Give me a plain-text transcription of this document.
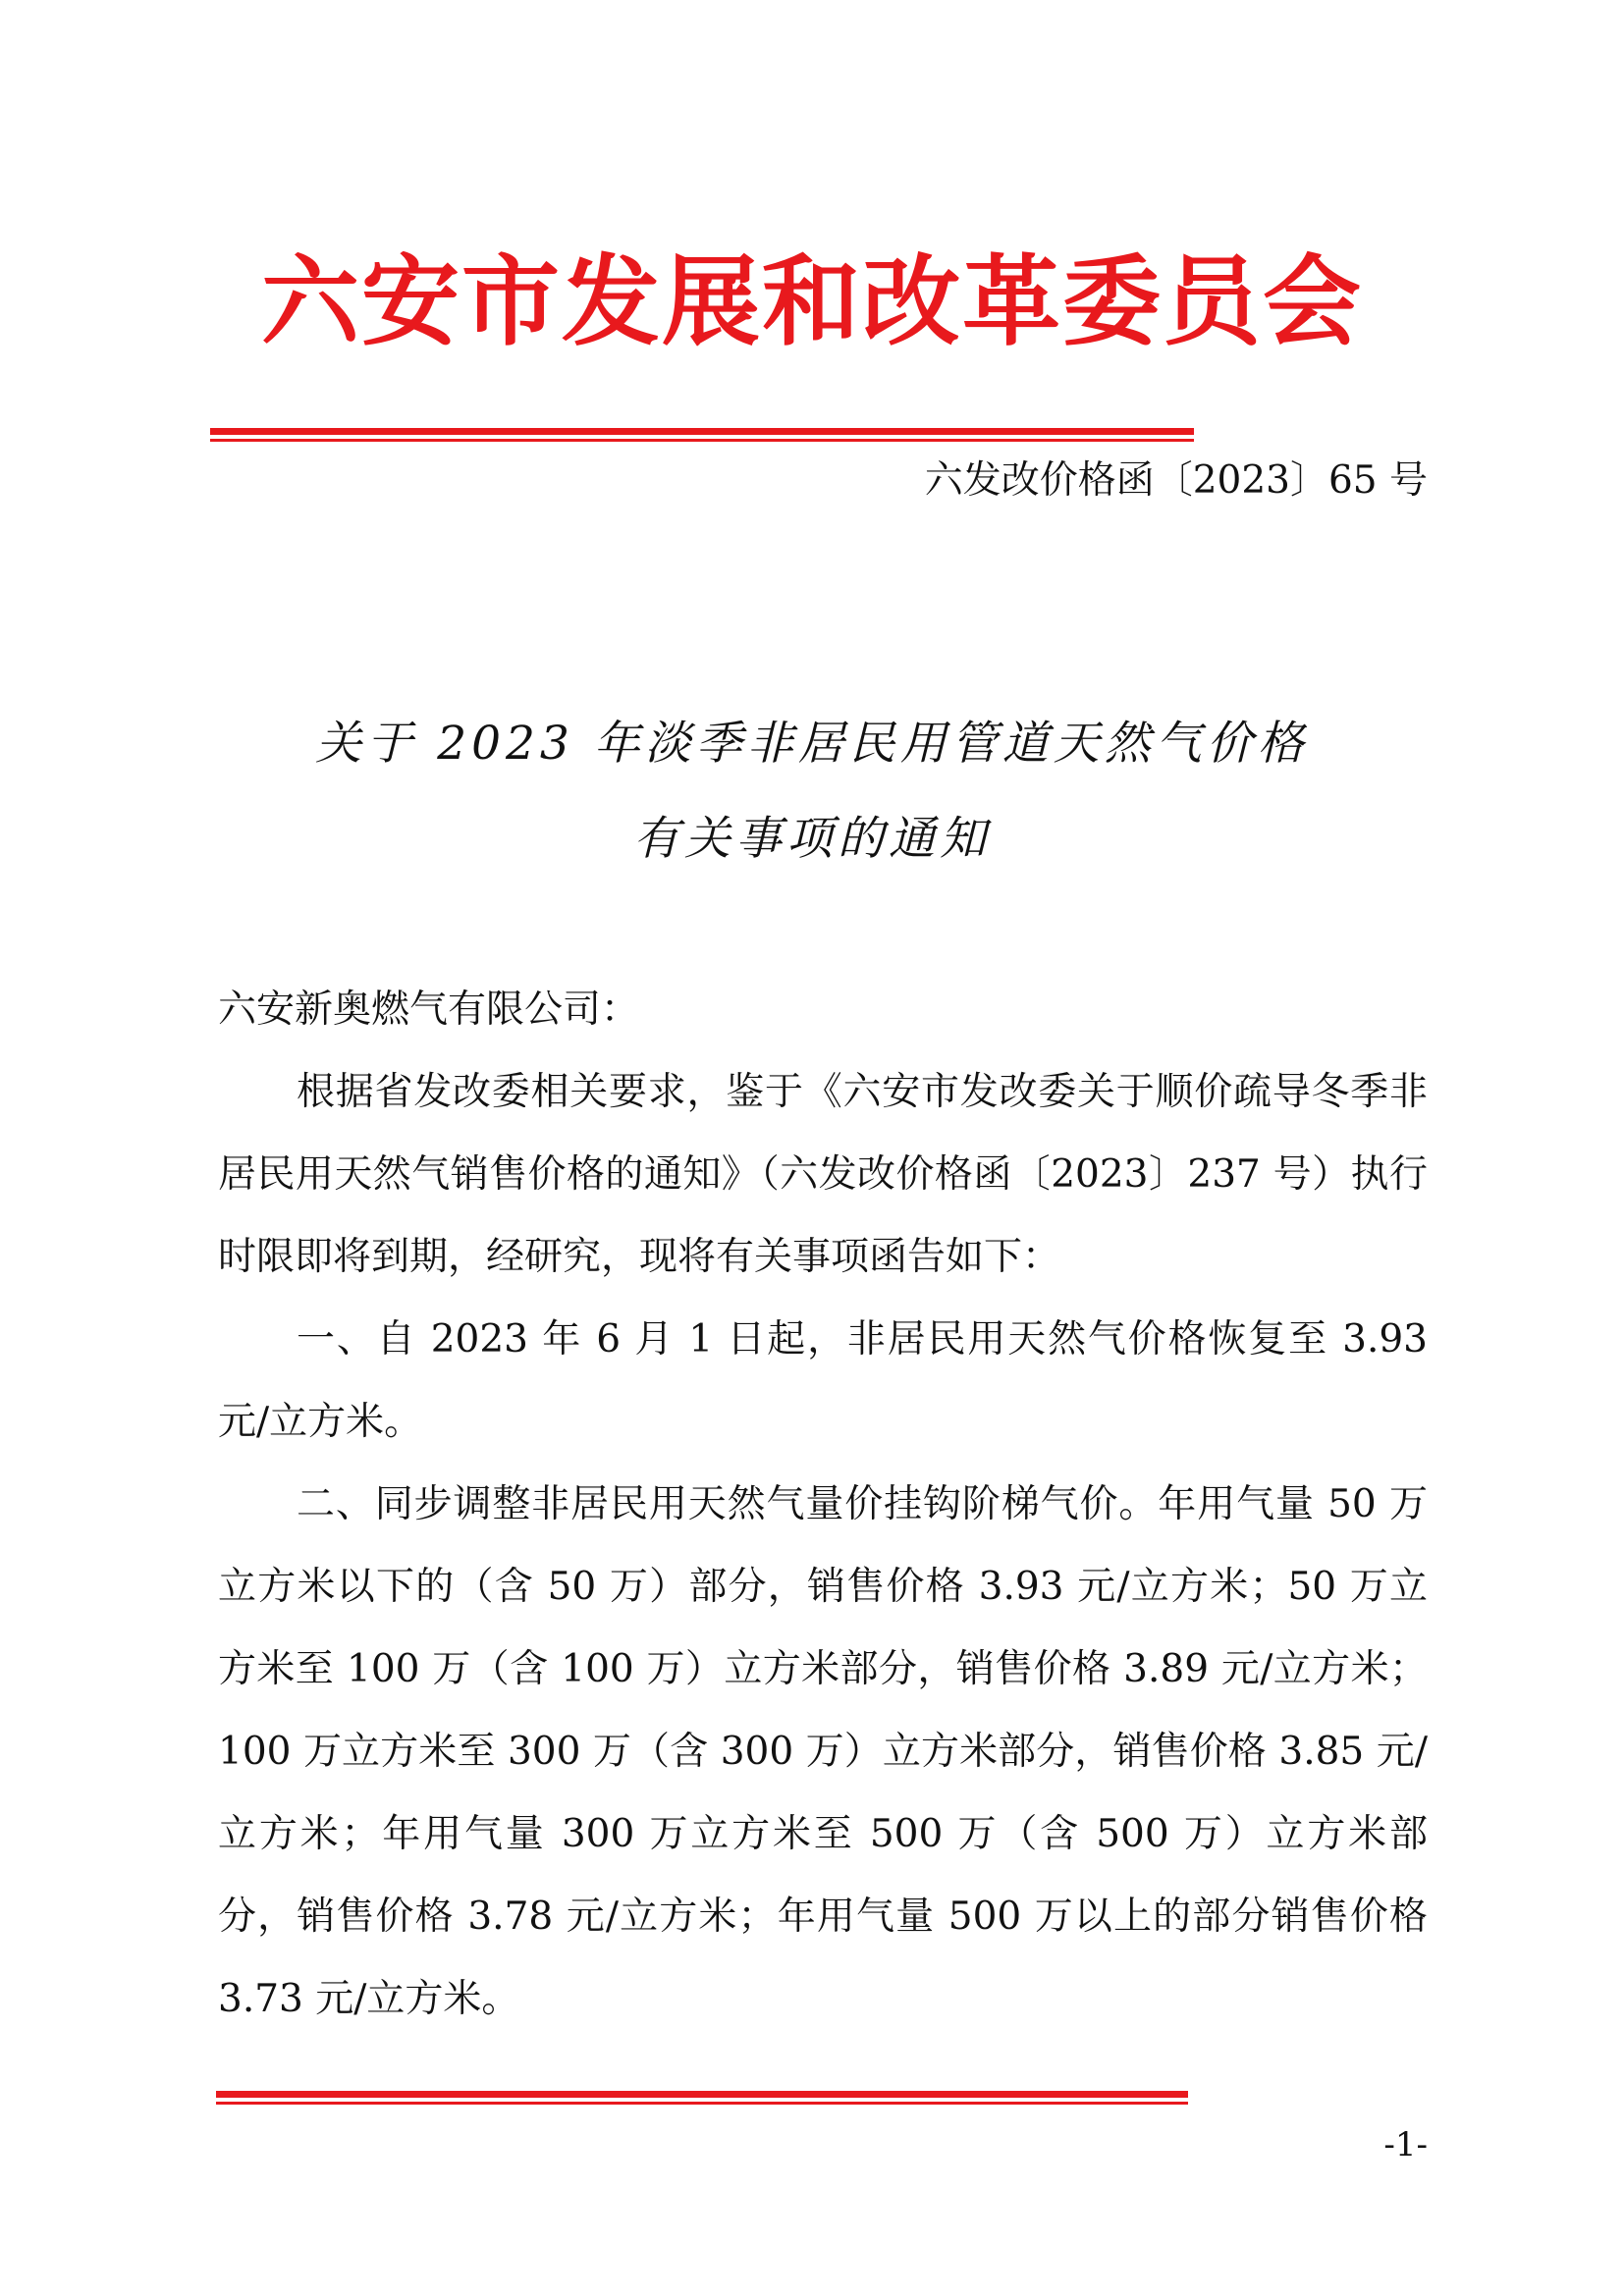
六安市发展和改革委员会
六发改价格函〔2023〕65 号
关于 2023 年淡季非居民用管道天然气价格
有关事项的通知

六安新奥燃气有限公司：

根据省发改委相关要求，鉴于《六安市发改委关于顺价疏导冬季非居民用天然气销售价格的通知》（六发改价格函〔2023〕237 号）执行时限即将到期，经研究，现将有关事项函告如下：

一、自 2023 年 6 月 1 日起，非居民用天然气价格恢复至 3.93 元/立方米。

二、同步调整非居民用天然气量价挂钩阶梯气价。年用气量 50 万立方米以下的（含 50 万）部分，销售价格 3.93 元/立方米；50 万立方米至 100 万（含 100 万）立方米部分，销售价格 3.89 元/立方米；100 万立方米至 300 万（含 300 万）立方米部分，销售价格 3.85 元/立方米；年用气量 300 万立方米至 500 万（含 500 万）立方米部分，销售价格 3.78 元/立方米；年用气量 500 万以上的部分销售价格 3.73 元/立方米。

-1-
